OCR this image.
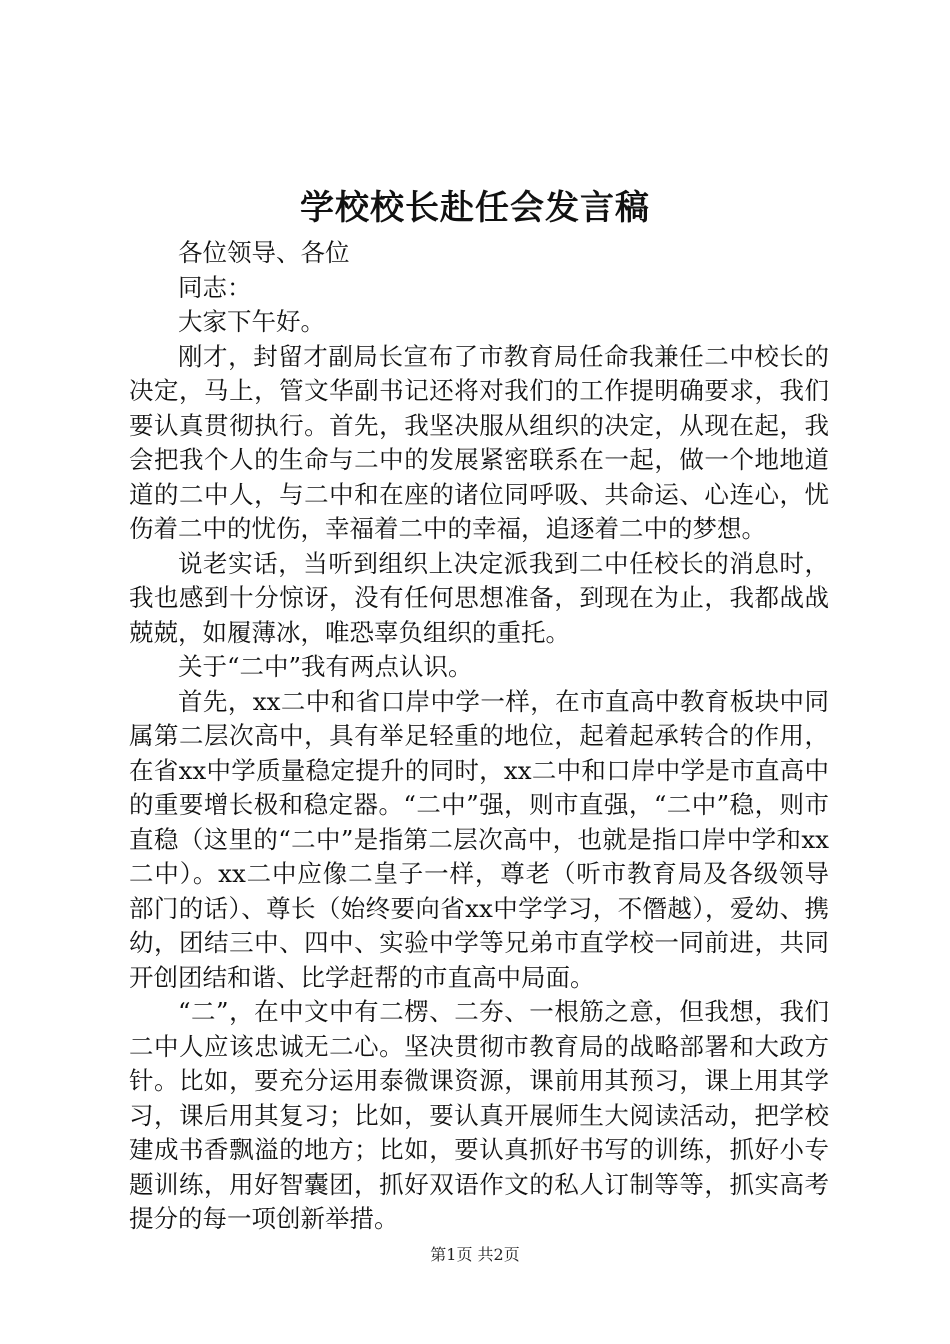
学校校长赴任会发言稿

各位领导、各位

同志：

大家下午好。

刚才，封留才副局长宣布了市教育局任命我兼任二中校长的决定，马上，管文华副书记还将对我们的工作提明确要求，我们要认真贯彻执行。首先，我坚决服从组织的决定，从现在起，我会把我个人的生命与二中的发展紧密联系在一起，做一个地地道道的二中人，与二中和在座的诸位同呼吸、共命运、心连心，忧伤着二中的忧伤，幸福着二中的幸福，追逐着二中的梦想。

说老实话，当听到组织上决定派我到二中任校长的消息时，我也感到十分惊讶，没有任何思想准备，到现在为止，我都战战兢兢，如履薄冰，唯恐辜负组织的重托。

关于“二中”我有两点认识。

首先，xx二中和省口岸中学一样，在市直高中教育板块中同属第二层次高中，具有举足轻重的地位，起着起承转合的作用，在省xx中学质量稳定提升的同时，xx二中和口岸中学是市直高中的重要增长极和稳定器。“二中”强，则市直强，“二中”稳，则市直稳（这里的“二中”是指第二层次高中，也就是指口岸中学和xx二中）。xx二中应像二皇子一样，尊老（听市教育局及各级领导部门的话）、尊长（始终要向省xx中学学习，不僭越），爱幼、携幼，团结三中、四中、实验中学等兄弟市直学校一同前进，共同开创团结和谐、比学赶帮的市直高中局面。

“二”，在中文中有二楞、二夯、一根筋之意，但我想，我们二中人应该忠诚无二心。坚决贯彻市教育局的战略部署和大政方针。比如，要充分运用泰微课资源，课前用其预习，课上用其学习，课后用其复习；比如，要认真开展师生大阅读活动，把学校建成书香飘溢的地方；比如，要认真抓好书写的训练，抓好小专题训练，用好智囊团，抓好双语作文的私人订制等等，抓实高考提分的每一项创新举措。

第1页 共2页
